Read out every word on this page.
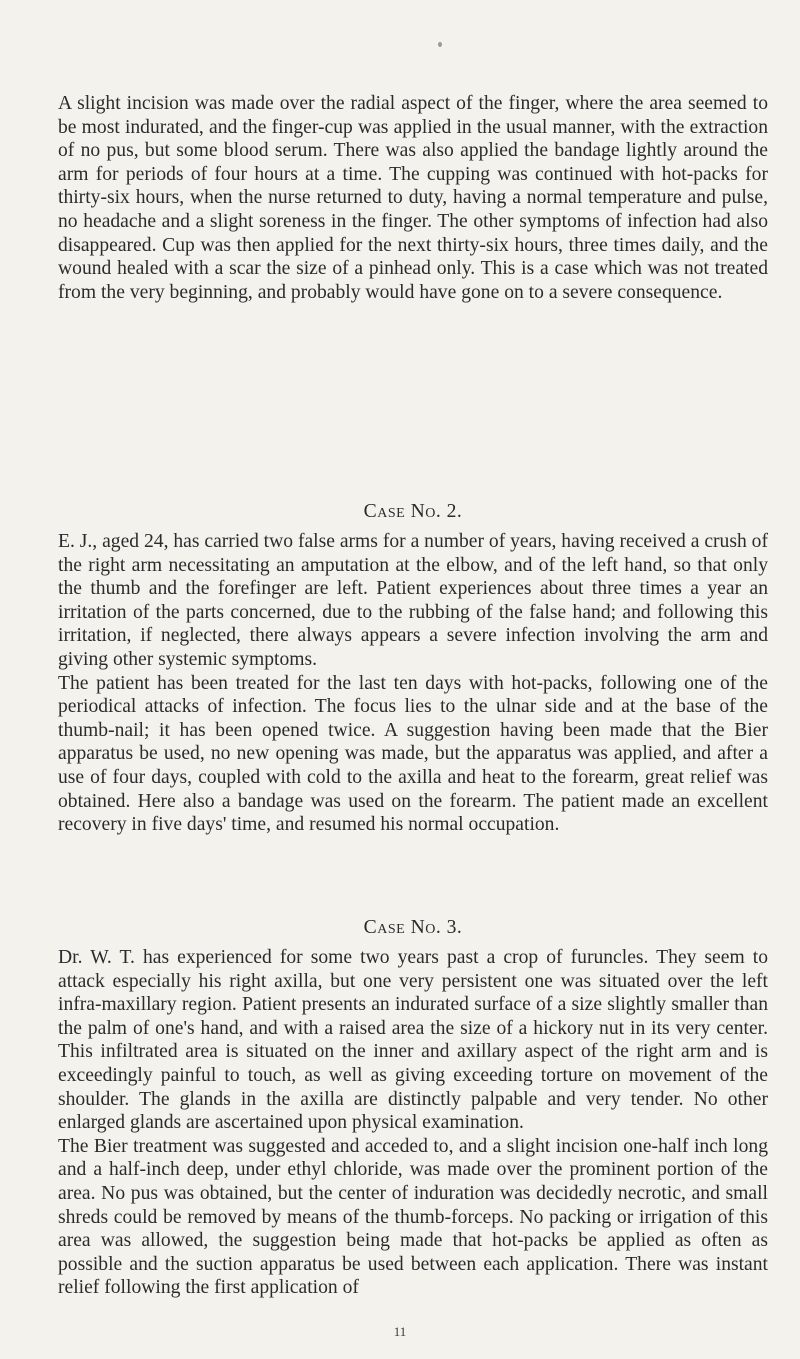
A slight incision was made over the radial aspect of the finger, where the area seemed to be most indurated, and the finger-cup was applied in the usual manner, with the extraction of no pus, but some blood serum. There was also applied the bandage lightly around the arm for periods of four hours at a time. The cupping was continued with hot-packs for thirty-six hours, when the nurse returned to duty, having a normal temperature and pulse, no headache and a slight soreness in the finger. The other symptoms of infection had also disappeared. Cup was then applied for the next thirty-six hours, three times daily, and the wound healed with a scar the size of a pinhead only. This is a case which was not treated from the very beginning, and probably would have gone on to a severe consequence.

Case No. 2.

E. J., aged 24, has carried two false arms for a number of years, having received a crush of the right arm necessitating an amputation at the elbow, and of the left hand, so that only the thumb and the forefinger are left. Patient experiences about three times a year an irritation of the parts concerned, due to the rubbing of the false hand; and following this irritation, if neglected, there always appears a severe infection involving the arm and giving other systemic symptoms.

The patient has been treated for the last ten days with hot-packs, following one of the periodical attacks of infection. The focus lies to the ulnar side and at the base of the thumb-nail; it has been opened twice. A suggestion having been made that the Bier apparatus be used, no new opening was made, but the apparatus was applied, and after a use of four days, coupled with cold to the axilla and heat to the forearm, great relief was obtained. Here also a bandage was used on the forearm. The patient made an excellent recovery in five days' time, and resumed his normal occupation.

Case No. 3.

Dr. W. T. has experienced for some two years past a crop of furuncles. They seem to attack especially his right axilla, but one very persistent one was situated over the left infra-maxillary region. Patient presents an indurated surface of a size slightly smaller than the palm of one's hand, and with a raised area the size of a hickory nut in its very center. This infiltrated area is situated on the inner and axillary aspect of the right arm and is exceedingly painful to touch, as well as giving exceeding torture on movement of the shoulder. The glands in the axilla are distinctly palpable and very tender. No other enlarged glands are ascertained upon physical examination.

The Bier treatment was suggested and acceded to, and a slight incision one-half inch long and a half-inch deep, under ethyl chloride, was made over the prominent portion of the area. No pus was obtained, but the center of induration was decidedly necrotic, and small shreds could be removed by means of the thumb-forceps. No packing or irrigation of this area was allowed, the suggestion being made that hot-packs be applied as often as possible and the suction apparatus be used between each application. There was instant relief following the first application of

11
